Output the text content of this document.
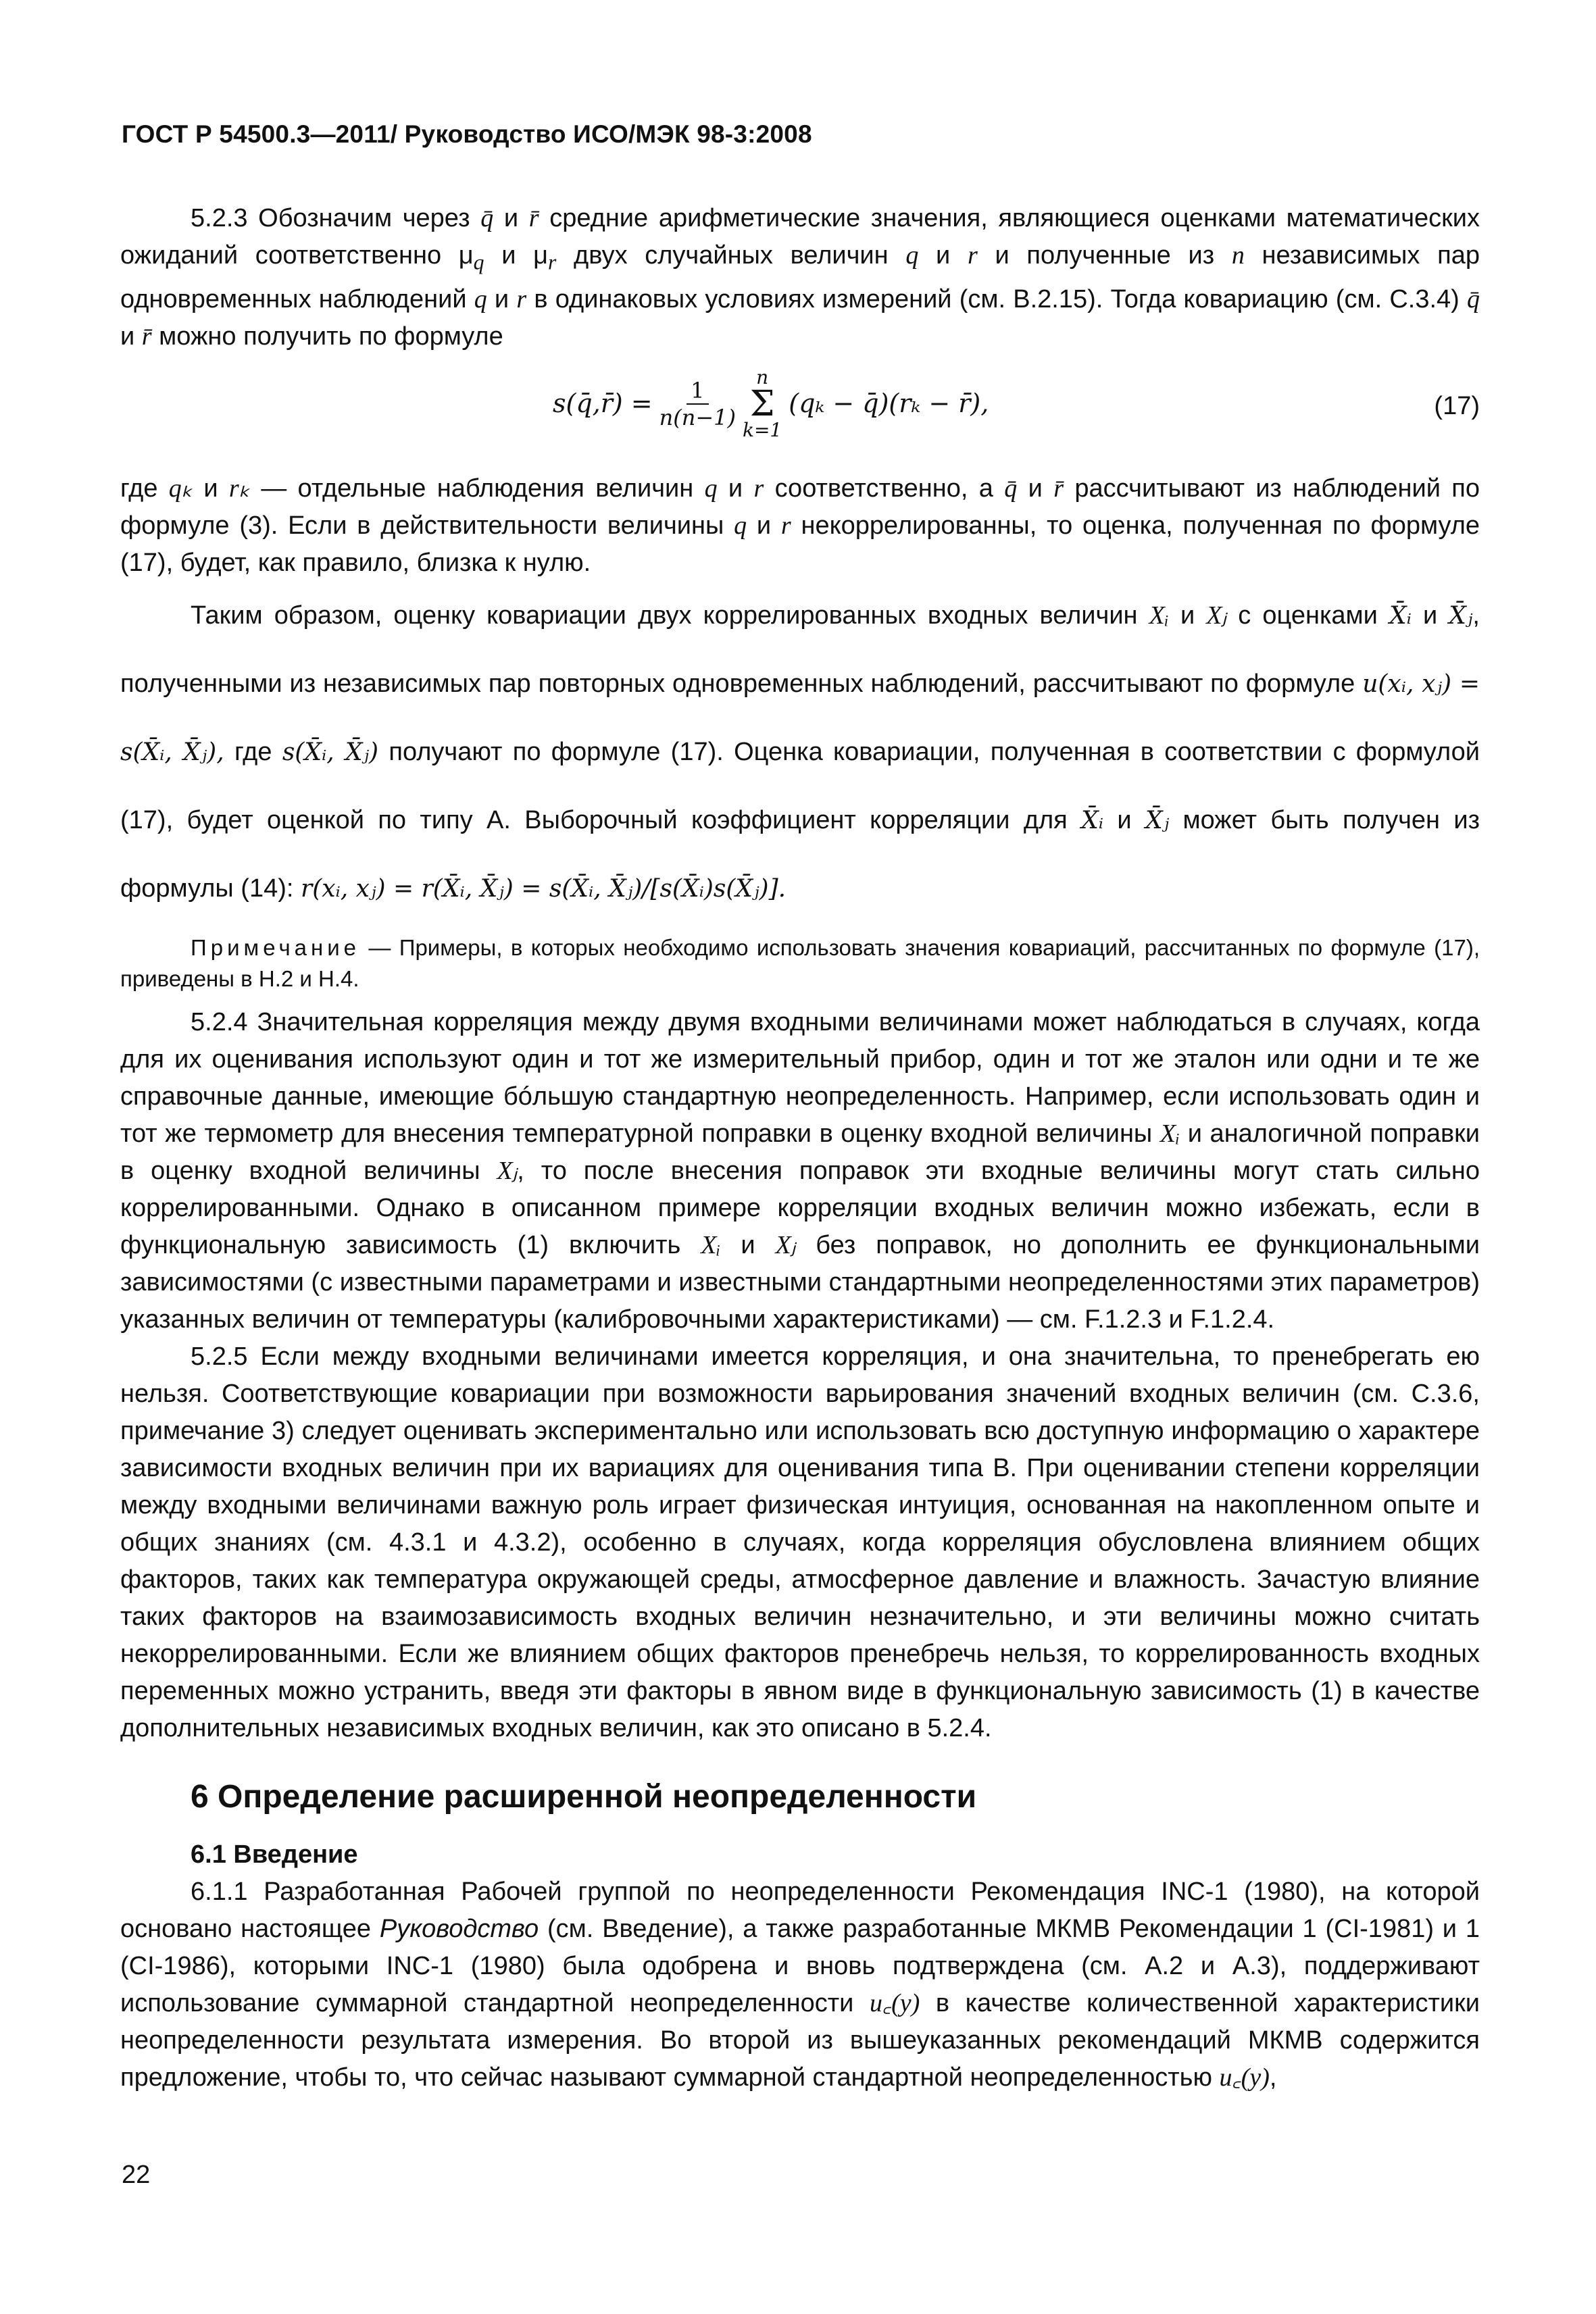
ГОСТ Р 54500.3—2011/ Руководство ИСО/МЭК 98-3:2008

5.2.3 Обозначим через q̄ и r̄ средние арифметические значения, являющиеся оценками математических ожиданий соответственно $\mu_q$ и $\mu_r$ двух случайных величин q и r и полученные из n независимых пар одновременных наблюдений q и r в одинаковых условиях измерений (см. В.2.15). Тогда ковариацию (см. С.3.4) q̄ и r̄ можно получить по формуле

s(q̄,r̄) = $\frac{1}{n(n-1)}$
n
Σ
k=1
(qₖ − q̄)(rₖ − r̄),	(17)

где qₖ и rₖ — отдельные наблюдения величин q и r соответственно, а q̄ и r̄ рассчитывают из наблюдений по формуле (3). Если в действительности величины q и r некоррелированны, то оценка, полученная по формуле (17), будет, как правило, близка к нулю.

Таким образом, оценку ковариации двух коррелированных входных величин Xᵢ и Xⱼ с оценками X̄ᵢ и X̄ⱼ, полученными из независимых пар повторных одновременных наблюдений, рассчитывают по формуле u(xᵢ, xⱼ) = s(X̄ᵢ, X̄ⱼ), где s(X̄ᵢ, X̄ⱼ) получают по формуле (17). Оценка ковариации, полученная в соответствии с формулой (17), будет оценкой по типу А. Выборочный коэффициент корреляции для X̄ᵢ и X̄ⱼ может быть получен из формулы (14): r(xᵢ, xⱼ) = r(X̄ᵢ, X̄ⱼ) = s(X̄ᵢ, X̄ⱼ)/[s(X̄ᵢ)s(X̄ⱼ)].

Примечание — Примеры, в которых необходимо использовать значения ковариаций, рассчитанных по формуле (17), приведены в Н.2 и Н.4.

5.2.4 Значительная корреляция между двумя входными величинами может наблюдаться в случаях, когда для их оценивания используют один и тот же измерительный прибор, один и тот же эталон или одни и те же справочные данные, имеющие бóльшую стандартную неопределенность. Например, если использовать один и тот же термометр для внесения температурной поправки в оценку входной величины Xᵢ и аналогичной поправки в оценку входной величины Xⱼ, то после внесения поправок эти входные величины могут стать сильно коррелированными. Однако в описанном примере корреляции входных величин можно избежать, если в функциональную зависимость (1) включить Xᵢ и Xⱼ без поправок, но дополнить ее функциональными зависимостями (с известными параметрами и известными стандартными неопределенностями этих параметров) указанных величин от температуры (калибровочными характеристиками) — см. F.1.2.3 и F.1.2.4.

5.2.5 Если между входными величинами имеется корреляция, и она значительна, то пренебрегать ею нельзя. Соответствующие ковариации при возможности варьирования значений входных величин (см. С.3.6, примечание 3) следует оценивать экспериментально или использовать всю доступную информацию о характере зависимости входных величин при их вариациях для оценивания типа В. При оценивании степени корреляции между входными величинами важную роль играет физическая интуиция, основанная на накопленном опыте и общих знаниях (см. 4.3.1 и 4.3.2), особенно в случаях, когда корреляция обусловлена влиянием общих факторов, таких как температура окружающей среды, атмосферное давление и влажность. Зачастую влияние таких факторов на взаимозависимость входных величин незначительно, и эти величины можно считать некоррелированными. Если же влиянием общих факторов пренебречь нельзя, то коррелированность входных переменных можно устранить, введя эти факторы в явном виде в функциональную зависимость (1) в качестве дополнительных независимых входных величин, как это описано в 5.2.4.

6 Определение расширенной неопределенности

6.1 Введение

6.1.1 Разработанная Рабочей группой по неопределенности Рекомендация INC-1 (1980), на которой основано настоящее Руководство (см. Введение), а также разработанные МКМВ Рекомендации 1 (CI-1981) и 1 (CI-1986), которыми INC-1 (1980) была одобрена и вновь подтверждена (см. А.2 и А.3), поддерживают использование суммарной стандартной неопределенности u꜀(y) в качестве количественной характеристики неопределенности результата измерения. Во второй из вышеуказанных рекомендаций МКМВ содержится предложение, чтобы то, что сейчас называют суммарной стандартной неопределенностью u꜀(y),

22
